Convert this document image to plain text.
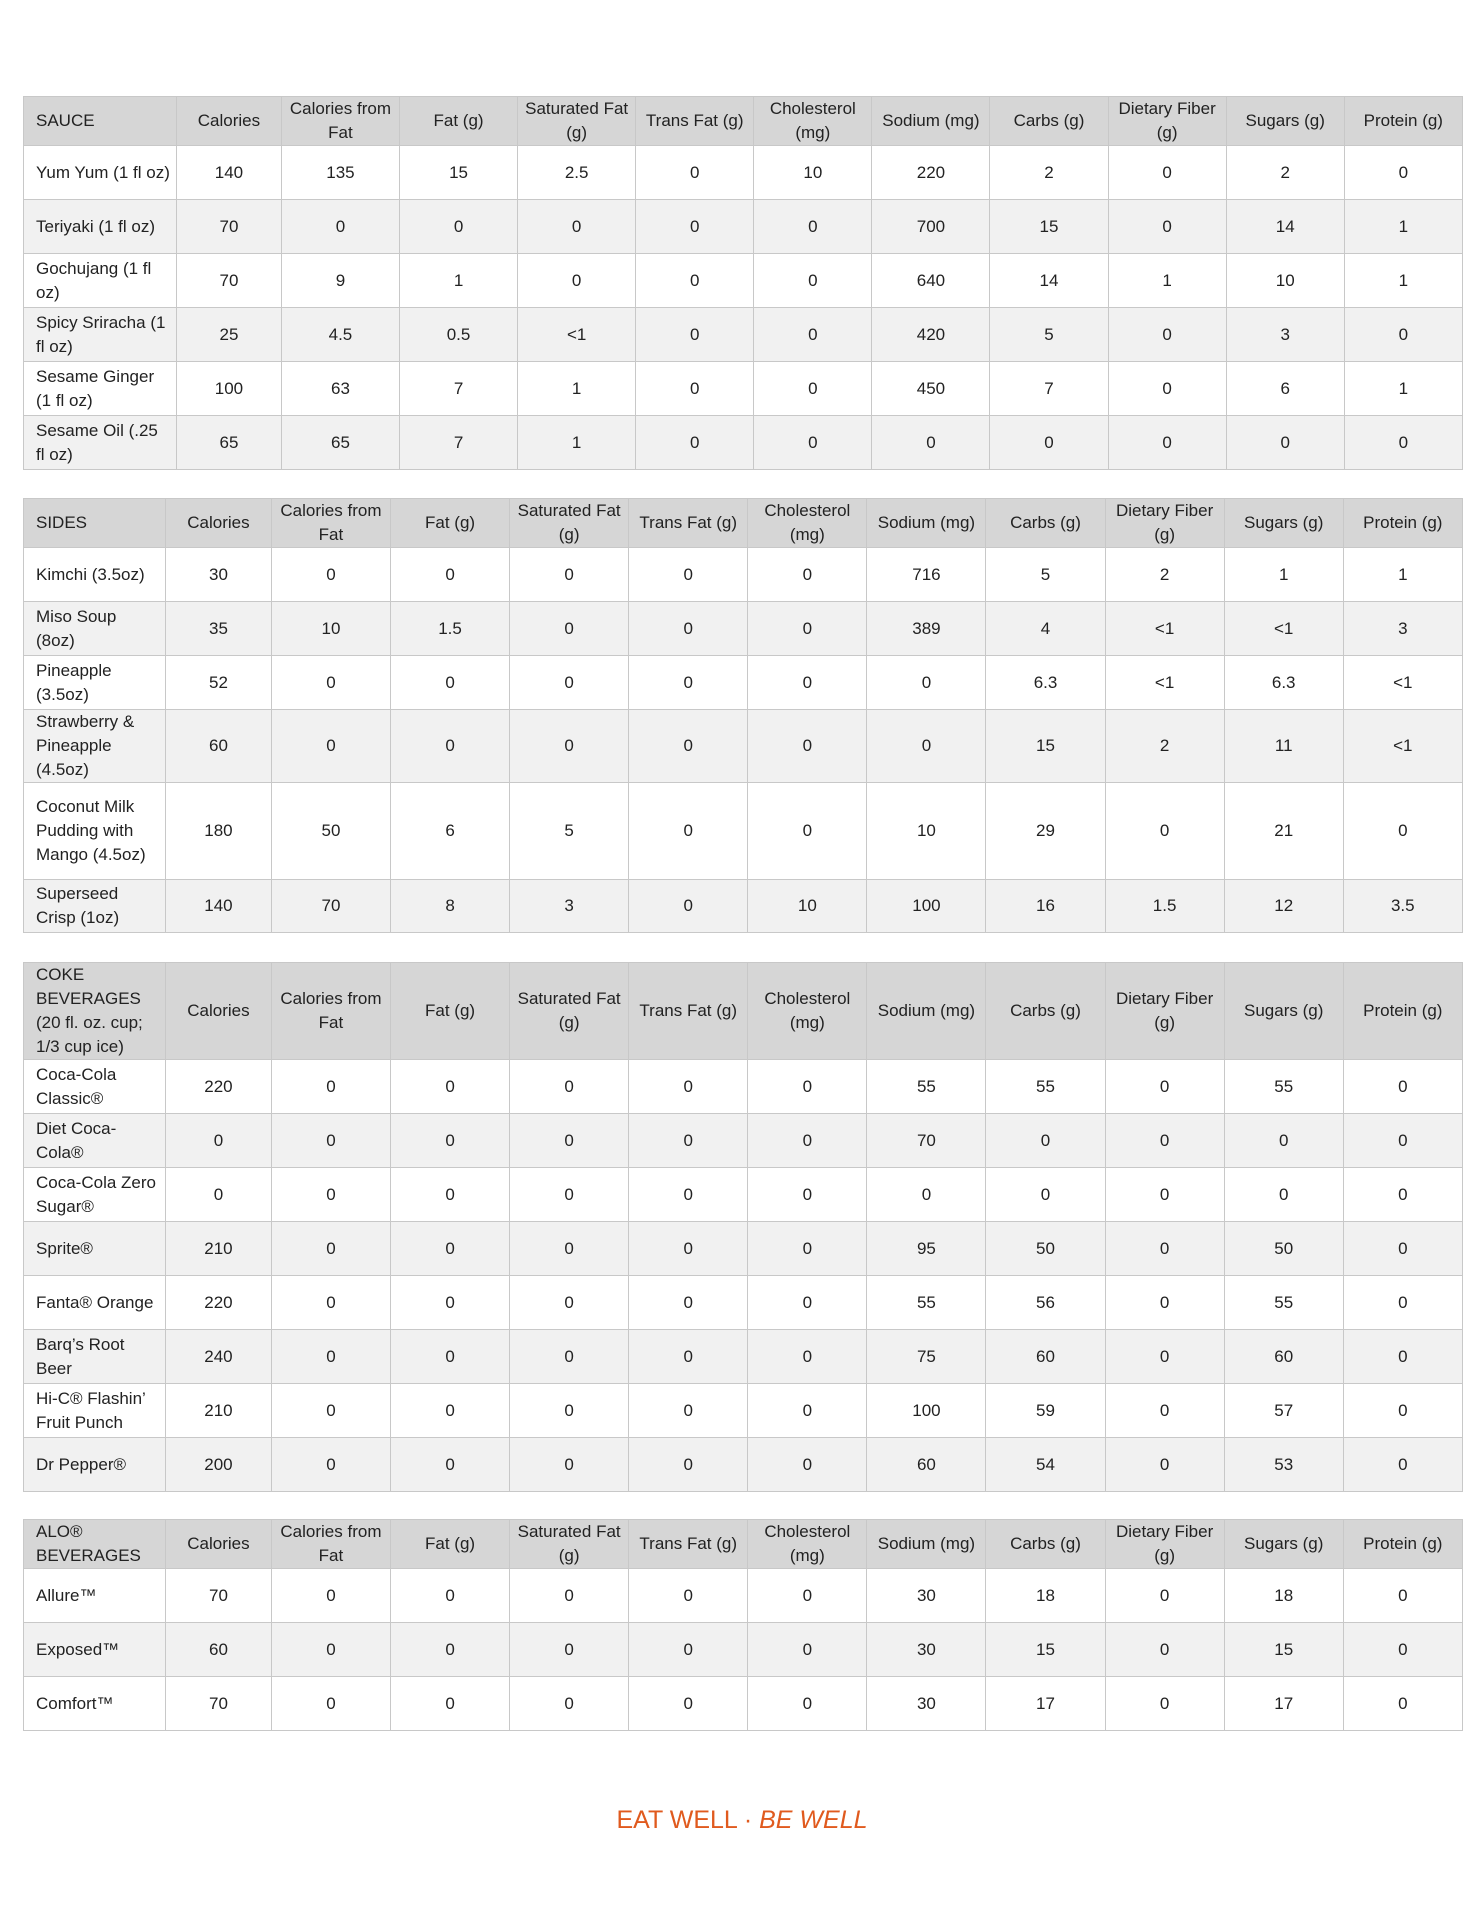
SAUCE	Calories	Calories from Fat	Fat (g)	Saturated Fat (g)	Trans Fat (g)	Cholesterol (mg)	Sodium (mg)	Carbs (g)	Dietary Fiber (g)	Sugars (g)	Protein (g)
Yum Yum (1 fl oz)	140	135	15	2.5	0	10	220	2	0	2	0
Teriyaki (1 fl oz)	70	0	0	0	0	0	700	15	0	14	1
Gochujang (1 fl oz)	70	9	1	0	0	0	640	14	1	10	1
Spicy Sriracha (1 fl oz)	25	4.5	0.5	<1	0	0	420	5	0	3	0
Sesame Ginger (1 fl oz)	100	63	7	1	0	0	450	7	0	6	1
Sesame Oil (.25 fl oz)	65	65	7	1	0	0	0	0	0	0	0
SIDES	Calories	Calories from Fat	Fat (g)	Saturated Fat (g)	Trans Fat (g)	Cholesterol (mg)	Sodium (mg)	Carbs (g)	Dietary Fiber (g)	Sugars (g)	Protein (g)
Kimchi (3.5oz)	30	0	0	0	0	0	716	5	2	1	1
Miso Soup (8oz)	35	10	1.5	0	0	0	389	4	<1	<1	3
Pineapple (3.5oz)	52	0	0	0	0	0	0	6.3	<1	6.3	<1
Strawberry & Pineapple (4.5oz)	60	0	0	0	0	0	0	15	2	11	<1
Coconut Milk Pudding with Mango (4.5oz)	180	50	6	5	0	0	10	29	0	21	0
Superseed Crisp (1oz)	140	70	8	3	0	10	100	16	1.5	12	3.5
COKE BEVERAGES (20 fl. oz. cup; 1/3 cup ice)	Calories	Calories from Fat	Fat (g)	Saturated Fat (g)	Trans Fat (g)	Cholesterol (mg)	Sodium (mg)	Carbs (g)	Dietary Fiber (g)	Sugars (g)	Protein (g)
Coca-Cola Classic®	220	0	0	0	0	0	55	55	0	55	0
Diet Coca-Cola®	0	0	0	0	0	0	70	0	0	0	0
Coca-Cola Zero Sugar®	0	0	0	0	0	0	0	0	0	0	0
Sprite®	210	0	0	0	0	0	95	50	0	50	0
Fanta® Orange	220	0	0	0	0	0	55	56	0	55	0
Barq’s Root Beer	240	0	0	0	0	0	75	60	0	60	0
Hi-C® Flashin’ Fruit Punch	210	0	0	0	0	0	100	59	0	57	0
Dr Pepper®	200	0	0	0	0	0	60	54	0	53	0
ALO® BEVERAGES	Calories	Calories from Fat	Fat (g)	Saturated Fat (g)	Trans Fat (g)	Cholesterol (mg)	Sodium (mg)	Carbs (g)	Dietary Fiber (g)	Sugars (g)	Protein (g)
Allure™	70	0	0	0	0	0	30	18	0	18	0
Exposed™	60	0	0	0	0	0	30	15	0	15	0
Comfort™	70	0	0	0	0	0	30	17	0	17	0
EAT WELL · BE WELL
